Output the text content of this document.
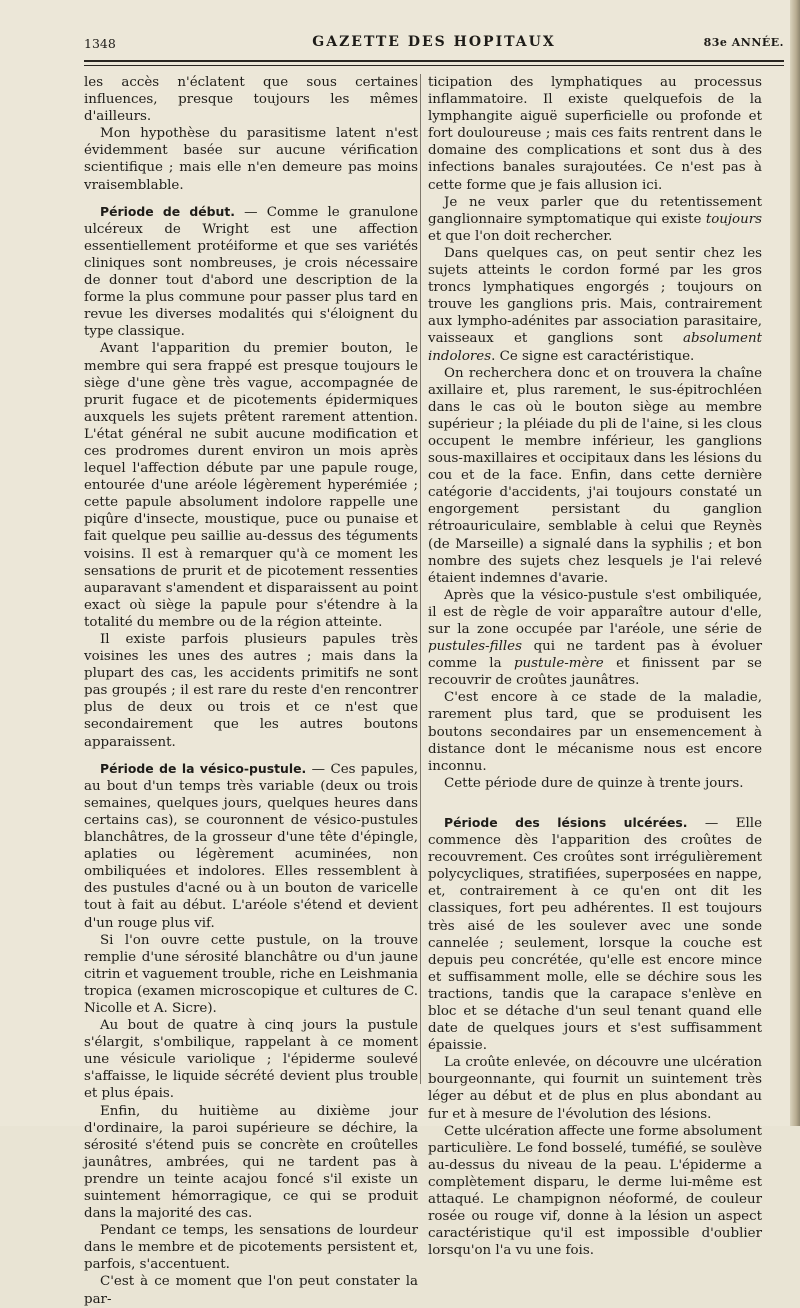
1348	GAZETTE DES HOPITAUX	83e ANNÉE.

les accès n'éclatent que sous certaines influences, presque toujours les mêmes d'ailleurs.

Mon hypothèse du parasitisme latent n'est évidemment basée sur aucune vérification scientifique ; mais elle n'en demeure pas moins vraisemblable.

Période de début. — Comme le granulone ulcéreux de Wright est une affection essentiellement protéiforme et que ses variétés cliniques sont nombreuses, je crois nécessaire de donner tout d'abord une description de la forme la plus commune pour passer plus tard en revue les diverses modalités qui s'éloignent du type classique.

Avant l'apparition du premier bouton, le membre qui sera frappé est presque toujours le siège d'une gène très vague, accompagnée de prurit fugace et de picotements épidermiques auxquels les sujets prêtent rarement attention. L'état général ne subit aucune modification et ces prodromes durent environ un mois après lequel l'affection débute par une papule rouge, entourée d'une aréole légèrement hyperémiée ; cette papule absolument indolore rappelle une piqûre d'insecte, moustique, puce ou punaise et fait quelque peu saillie au-dessus des téguments voisins. Il est à remarquer qu'à ce moment les sensations de prurit et de picotement ressenties auparavant s'amendent et disparaissent au point exact où siège la papule pour s'étendre à la totalité du membre ou de la région atteinte.

Il existe parfois plusieurs papules très voisines les unes des autres ; mais dans la plupart des cas, les accidents primitifs ne sont pas groupés ; il est rare du reste d'en rencontrer plus de deux ou trois et ce n'est que secondairement que les autres boutons apparaissent.

Période de la vésico-pustule. — Ces papules, au bout d'un temps très variable (deux ou trois semaines, quelques jours, quelques heures dans certains cas), se couronnent de vésico-pustules blanchâtres, de la grosseur d'une tête d'épingle, aplaties ou légèrement acuminées, non ombiliquées et indolores. Elles ressemblent à des pustules d'acné ou à un bouton de varicelle tout à fait au début. L'aréole s'étend et devient d'un rouge plus vif.

Si l'on ouvre cette pustule, on la trouve remplie d'une sérosité blanchâtre ou d'un jaune citrin et vaguement trouble, riche en Leishmania tropica (examen microscopique et cultures de C. Nicolle et A. Sicre).

Au bout de quatre à cinq jours la pustule s'élargit, s'ombilique, rappelant à ce moment une vésicule variolique ; l'épiderme soulevé s'affaisse, le liquide sécrété devient plus trouble et plus épais.

Enfin, du huitième au dixième jour d'ordinaire, la paroi supérieure se déchire, la sérosité s'étend puis se concrète en croûtelles jaunâtres, ambrées, qui ne tardent pas à prendre un teinte acajou foncé s'il existe un suintement hémorragique, ce qui se produit dans la majorité des cas.

Pendant ce temps, les sensations de lourdeur dans le membre et de picotements persistent et, parfois, s'accentuent.

C'est à ce moment que l'on peut constater la par-

ticipation des lymphatiques au processus inflammatoire. Il existe quelquefois de la lymphangite aiguë superficielle ou profonde et fort douloureuse ; mais ces faits rentrent dans le domaine des complications et sont dus à des infections banales surajoutées. Ce n'est pas à cette forme que je fais allusion ici.

Je ne veux parler que du retentissement ganglionnaire symptomatique qui existe toujours et que l'on doit rechercher.

Dans quelques cas, on peut sentir chez les sujets atteints le cordon formé par les gros troncs lymphatiques engorgés ; toujours on trouve les ganglions pris. Mais, contrairement aux lympho-adénites par association parasitaire, vaisseaux et ganglions sont absolument indolores. Ce signe est caractéristique.

On recherchera donc et on trouvera la chaîne axillaire et, plus rarement, le sus-épitrochléen dans le cas où le bouton siège au membre supérieur ; la pléiade du pli de l'aine, si les clous occupent le membre inférieur, les ganglions sous-maxillaires et occipitaux dans les lésions du cou et de la face. Enfin, dans cette dernière catégorie d'accidents, j'ai toujours constaté un engorgement persistant du ganglion rétroauriculaire, semblable à celui que Reynès (de Marseille) a signalé dans la syphilis ; et bon nombre des sujets chez lesquels je l'ai relevé étaient indemnes d'avarie.

Après que la vésico-pustule s'est ombiliquée, il est de règle de voir apparaître autour d'elle, sur la zone occupée par l'aréole, une série de pustules-filles qui ne tardent pas à évoluer comme la pustule-mère et finissent par se recouvrir de croûtes jaunâtres.

C'est encore à ce stade de la maladie, rarement plus tard, que se produisent les boutons secondaires par un ensemencement à distance dont le mécanisme nous est encore inconnu.

Cette période dure de quinze à trente jours.

Période des lésions ulcérées. — Elle commence dès l'apparition des croûtes de recouvrement. Ces croûtes sont irrégulièrement polycycliques, stratifiées, superposées en nappe, et, contrairement à ce qu'en ont dit les classiques, fort peu adhérentes. Il est toujours très aisé de les soulever avec une sonde cannelée ; seulement, lorsque la couche est depuis peu concrétée, qu'elle est encore mince et suffisamment molle, elle se déchire sous les tractions, tandis que la carapace s'enlève en bloc et se détache d'un seul tenant quand elle date de quelques jours et s'est suffisamment épaissie.

La croûte enlevée, on découvre une ulcération bourgeonnante, qui fournit un suintement très léger au début et de plus en plus abondant au fur et à mesure de l'évolution des lésions.

Cette ulcération affecte une forme absolument particulière. Le fond bosselé, tuméfié, se soulève au-dessus du niveau de la peau. L'épiderme a complètement disparu, le derme lui-même est attaqué. Le champignon néoformé, de couleur rosée ou rouge vif, donne à la lésion un aspect caractéristique qu'il est impossible d'oublier lorsqu'on l'a vu une fois.
